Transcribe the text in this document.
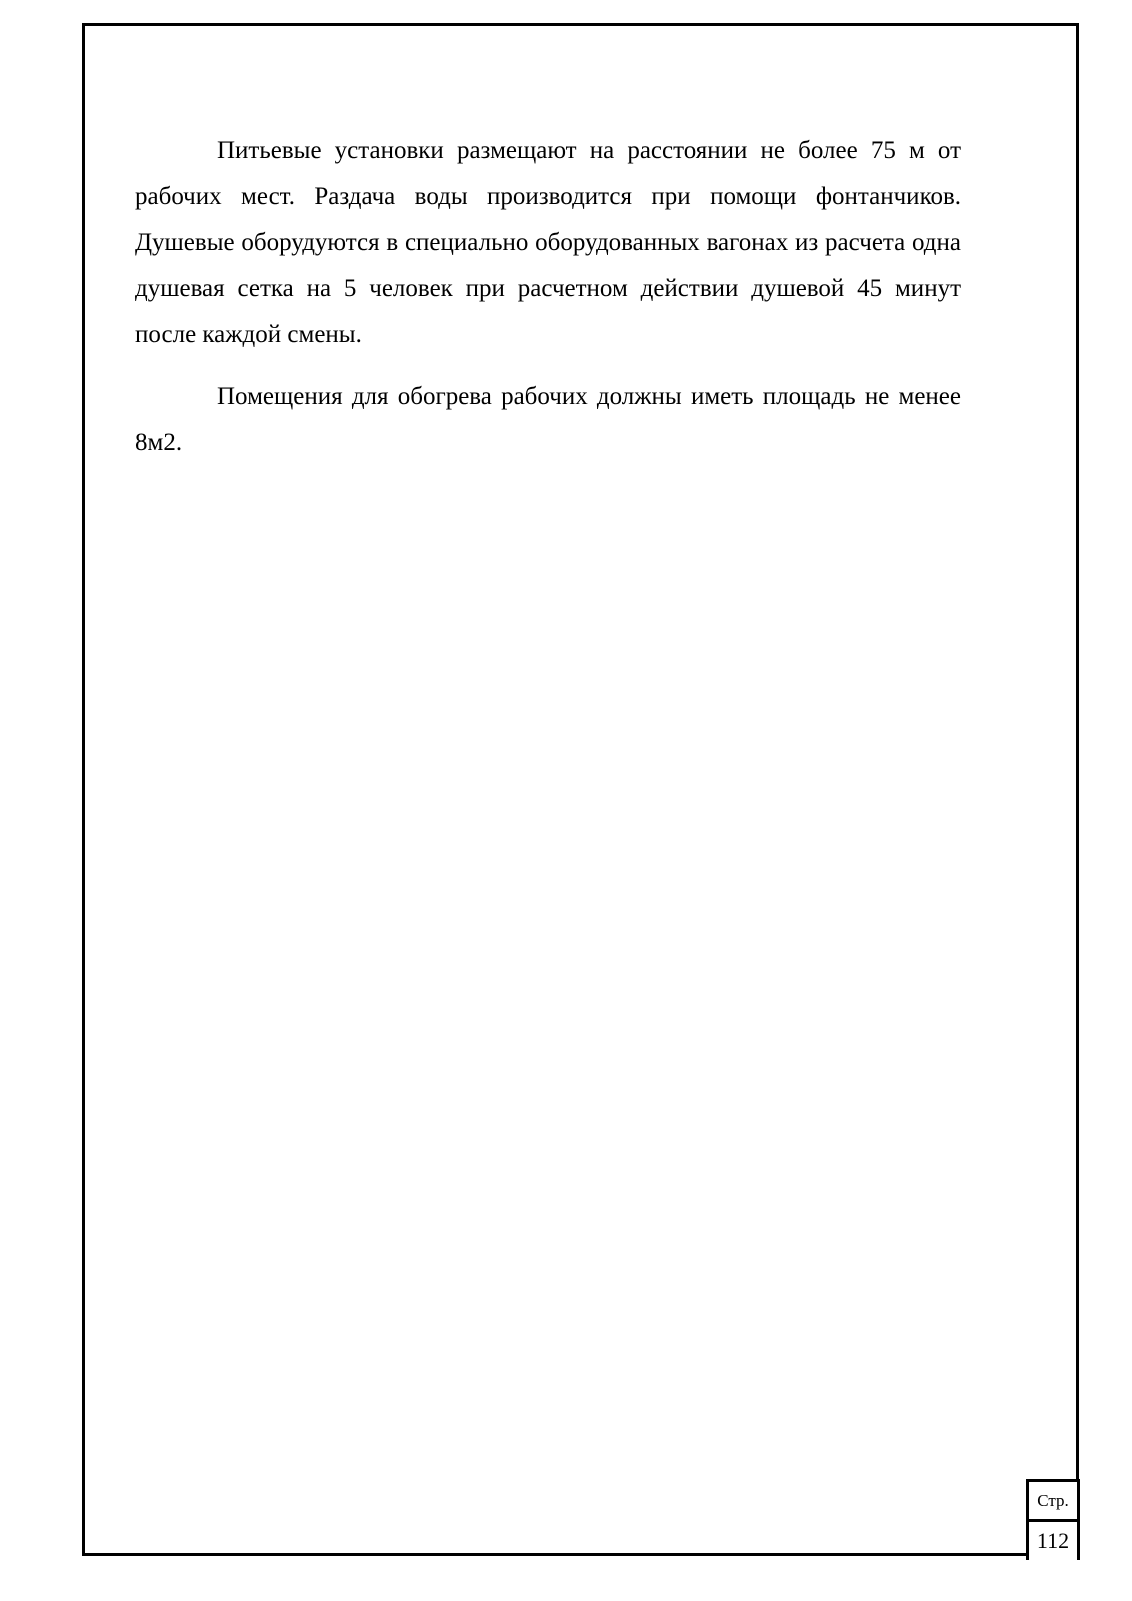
Питьевые установки размещают на расстоянии не более 75 м от рабочих мест. Раздача воды производится при помощи фонтанчиков. Душевые оборудуются в специально оборудованных вагонах из расчета одна душевая сетка на 5 человек при расчетном действии душевой 45 минут после каждой смены.

Помещения для обогрева рабочих должны иметь площадь не менее 8м2.

Стр.
112
